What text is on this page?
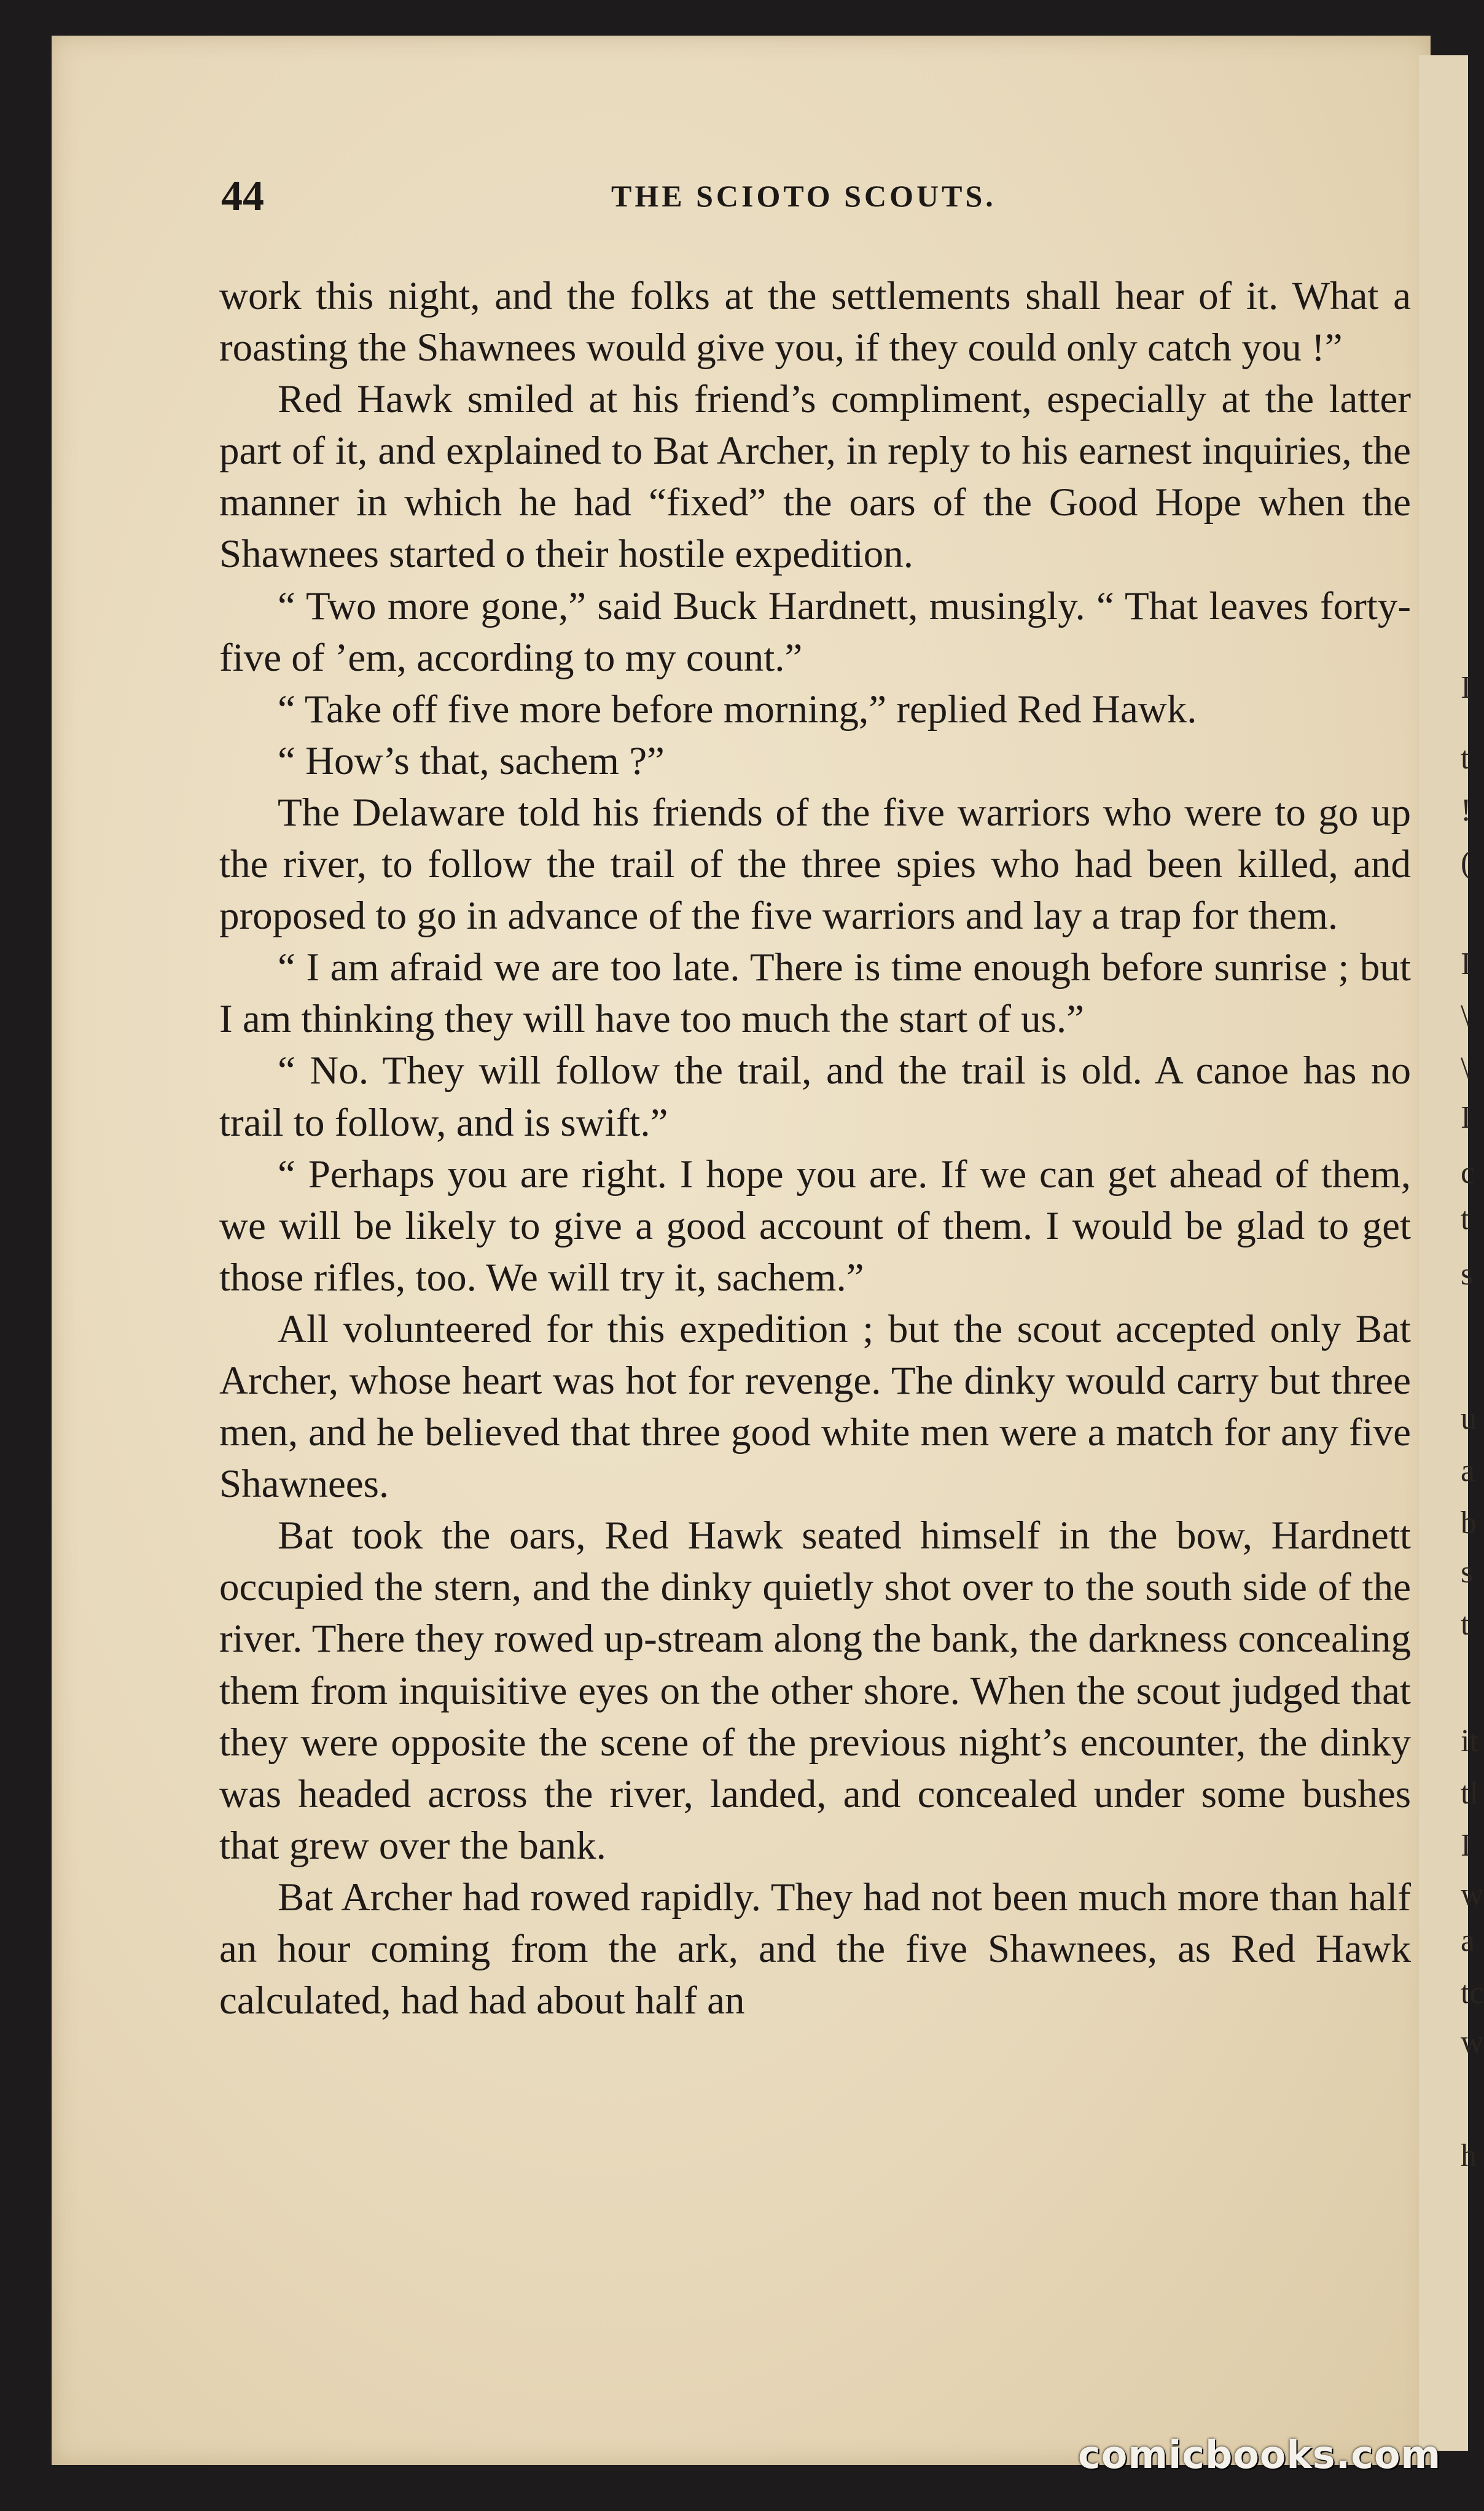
I
t
!
(
I
\
\
I
c
t
s
u
a
b
s
t
it
tl
I
w
a
tc
w
h
44	THE SCIOTO SCOUTS.

work this night, and the folks at the settlements shall hear of it. What a roasting the Shawnees would give you, if they could only catch you !”

Red Hawk smiled at his friend’s compliment, especially at the latter part of it, and explained to Bat Archer, in reply to his earnest inquiries, the manner in which he had “fixed” the oars of the Good Hope when the Shawnees started o their hostile expedition.

“ Two more gone,” said Buck Hardnett, musingly. “ That leaves forty-five of ’em, according to my count.”

“ Take off five more before morning,” replied Red Hawk.

“ How’s that, sachem ?”

The Delaware told his friends of the five warriors who were to go up the river, to follow the trail of the three spies who had been killed, and proposed to go in advance of the five warriors and lay a trap for them.

“ I am afraid we are too late. There is time enough before sunrise ; but I am thinking they will have too much the start of us.”

“ No. They will follow the trail, and the trail is old. A canoe has no trail to follow, and is swift.”

“ Perhaps you are right. I hope you are. If we can get ahead of them, we will be likely to give a good account of them. I would be glad to get those rifles, too. We will try it, sachem.”

All volunteered for this expedition ; but the scout accepted only Bat Archer, whose heart was hot for revenge. The dinky would carry but three men, and he believed that three good white men were a match for any five Shawnees.

Bat took the oars, Red Hawk seated himself in the bow, Hardnett occupied the stern, and the dinky quietly shot over to the south side of the river. There they rowed up-stream along the bank, the darkness concealing them from inquisitive eyes on the other shore. When the scout judged that they were opposite the scene of the previous night’s encounter, the dinky was headed across the river, landed, and concealed under some bushes that grew over the bank.

Bat Archer had rowed rapidly. They had not been much more than half an hour coming from the ark, and the five Shawnees, as Red Hawk calculated, had had about half an

comicbooks.com
